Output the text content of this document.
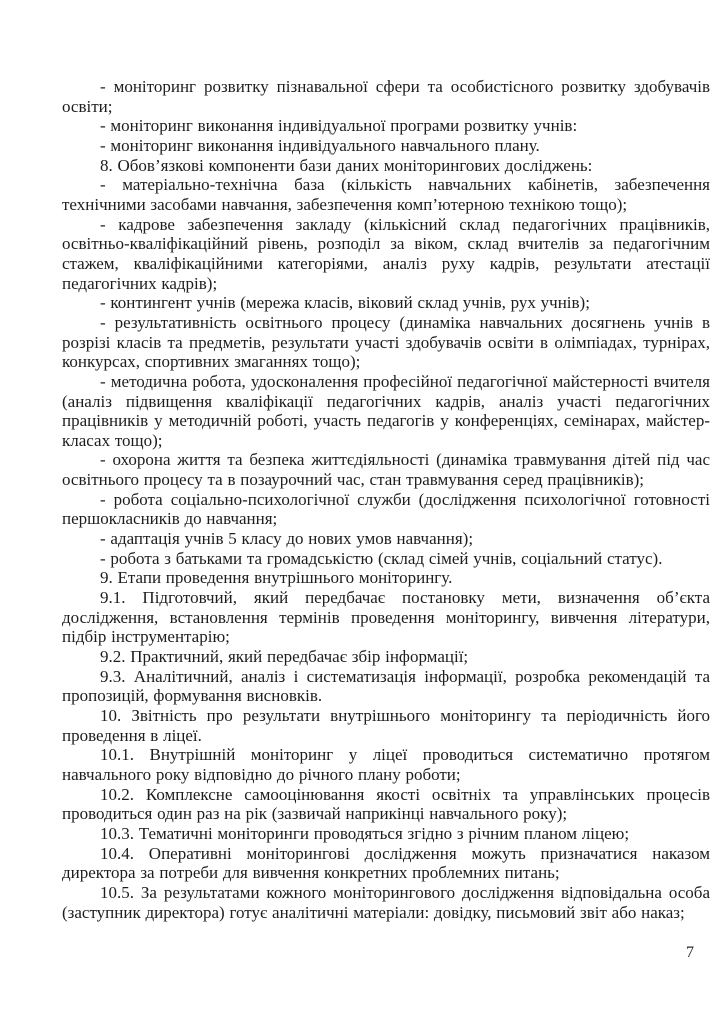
- моніторинг розвитку пізнавальної сфери та особистісного розвитку здобувачів освіти;

- моніторинг виконання індивідуальної програми розвитку учнів:

- моніторинг виконання індивідуального навчального плану.

8. Обов’язкові компоненти бази даних моніторингових досліджень:

- матеріально-технічна база (кількість навчальних кабінетів, забезпечення технічними засобами навчання, забезпечення комп’ютерною технікою тощо);

- кадрове забезпечення закладу (кількісний склад педагогічних працівників, освітньо-кваліфікаційний рівень, розподіл за віком, склад вчителів за педагогічним стажем, кваліфікаційними категоріями, аналіз руху кадрів, результати атестації педагогічних кадрів);

- контингент учнів (мережа класів, віковий склад учнів, рух учнів);

- результативність освітнього процесу (динаміка навчальних досягнень учнів в розрізі класів та предметів, результати участі здобувачів освіти в олімпіадах, турнірах, конкурсах, спортивних змаганнях тощо);

- методична робота, удосконалення професійної педагогічної майстерності вчителя (аналіз підвищення кваліфікації педагогічних кадрів, аналіз участі педагогічних працівників у методичній роботі, участь педагогів у конференціях, семінарах, майстер-класах тощо);

- охорона життя та безпека життєдіяльності (динаміка травмування дітей під час освітнього процесу та в позаурочний час, стан травмування серед працівників);

- робота соціально-психологічної служби (дослідження психологічної готовності першокласників до навчання;

- адаптація учнів 5 класу до нових умов навчання);

- робота з батьками та громадськістю (склад сімей учнів, соціальний статус).

9. Етапи проведення внутрішнього моніторингу.

9.1. Підготовчий, який передбачає постановку мети, визначення об’єкта дослідження, встановлення термінів проведення моніторингу, вивчення літератури, підбір інструментарію;

9.2. Практичний, який передбачає збір інформації;

9.3. Аналітичний, аналіз і систематизація інформації, розробка рекомендацій та пропозицій, формування висновків.

10. Звітність про результати внутрішнього моніторингу та періодичність його проведення в ліцеї.

10.1. Внутрішній моніторинг у ліцеї проводиться систематично протягом навчального року відповідно до річного плану роботи;

10.2. Комплексне самооцінювання якості освітніх та управлінських процесів проводиться один раз на рік (зазвичай наприкінці навчального року);

10.3. Тематичні моніторинги проводяться згідно з річним планом ліцею;

10.4. Оперативні моніторингові дослідження можуть призначатися наказом директора за потреби для вивчення конкретних проблемних питань;

10.5. За результатами кожного моніторингового дослідження відповідальна особа (заступник директора) готує аналітичні матеріали: довідку, письмовий звіт або наказ;

7
